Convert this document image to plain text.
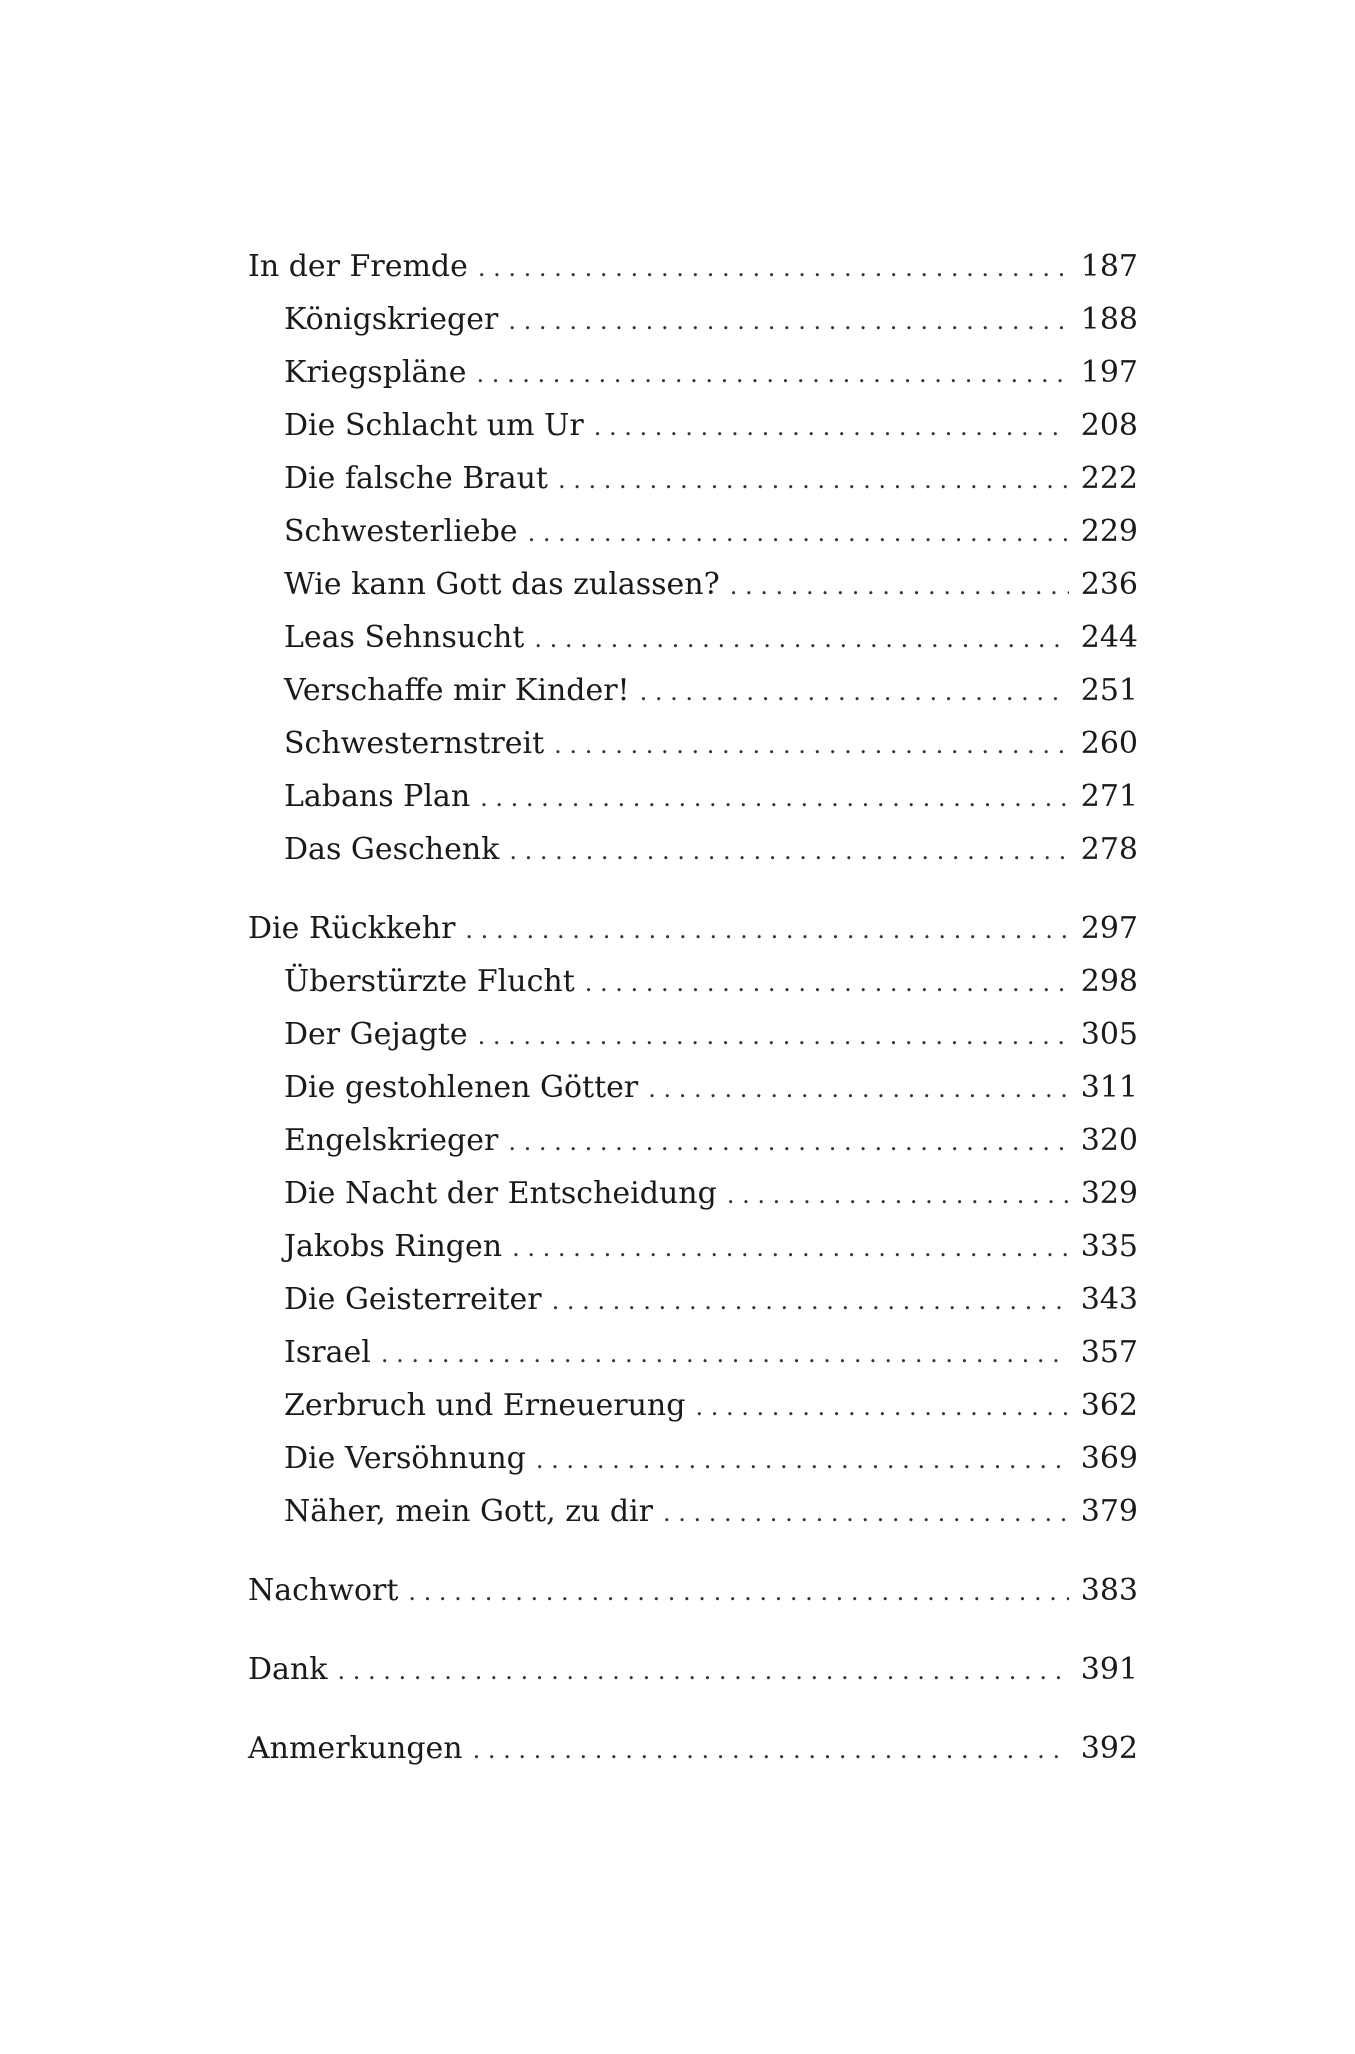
In der Fremde . . .	187
Königskrieger . . .	188
Kriegspläne . . .	197
Die Schlacht um Ur . . .	208
Die falsche Braut . . .	222
Schwesterliebe . . .	229
Wie kann Gott das zulassen? . . .	236
Leas Sehnsucht . . .	244
Verschaffe mir Kinder! . . .	251
Schwesternstreit . . .	260
Labans Plan . . .	271
Das Geschenk . . .	278
Die Rückkehr . . .	297
Überstürzte Flucht . . .	298
Der Gejagte . . .	305
Die gestohlenen Götter . . .	311
Engelskrieger . . .	320
Die Nacht der Entscheidung . . .	329
Jakobs Ringen . . .	335
Die Geisterreiter . . .	343
Israel . . .	357
Zerbruch und Erneuerung . . .	362
Die Versöhnung . . .	369
Näher, mein Gott, zu dir . . .	379
Nachwort . . .	383
Dank . . .	391
Anmerkungen . . .	392
